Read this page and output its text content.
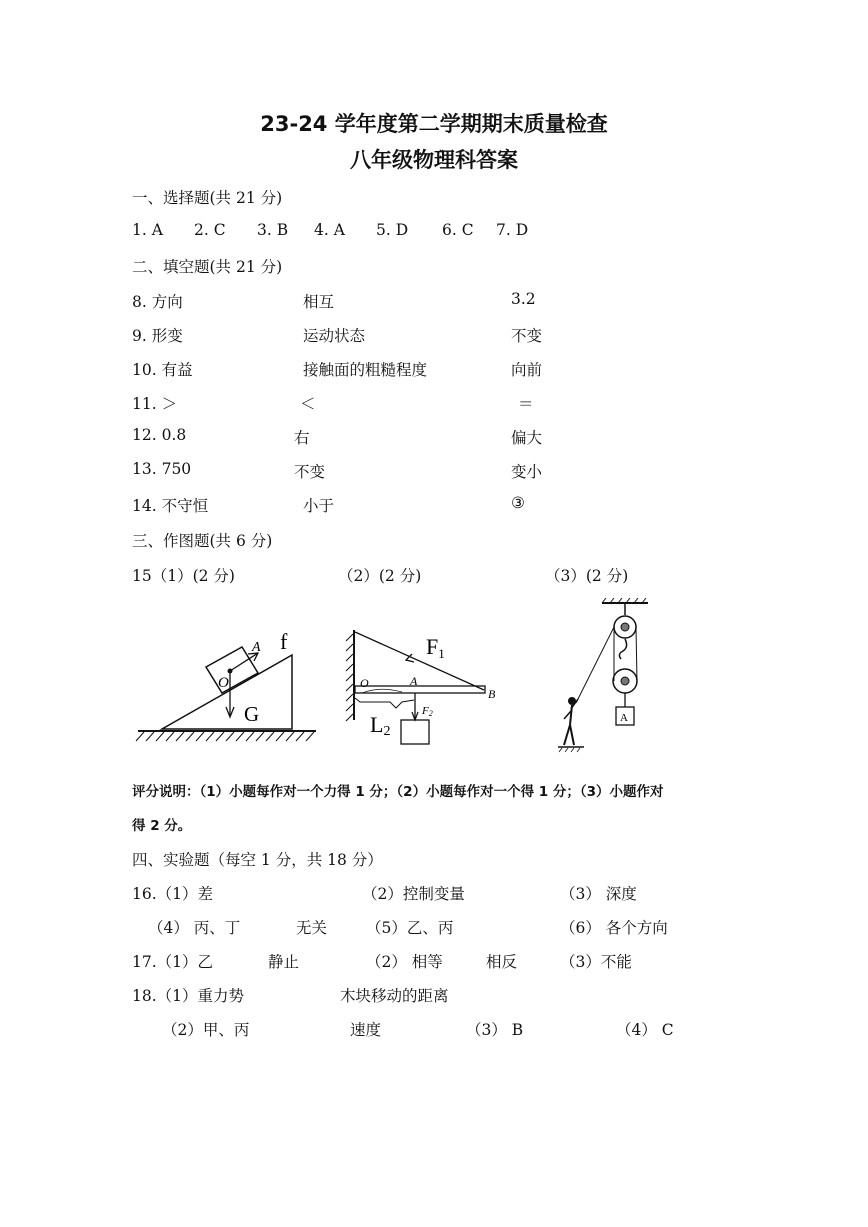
23-24 学年度第二学期期末质量检查
八年级物理科答案
一、选择题(共 21 分)
1. A 2. C 3. B 4. A 5. D 6. C 7. D
二、填空题(共 21 分)
8. 方向	相互	3.2
9. 形变	运动状态	不变
10. 有益	接触面的粗糙程度	向前
11. ＞	＜	＝
12. 0.8	右	偏大
13. 750	不变	变小
14. 不守恒	小于	③
三、作图题(共 6 分)
15（1）(2 分)	（2）(2 分)	（3）(2 分)
f
A
O
G
F1
O	A
B
L2
F2	A
评分说明：（1）小题每作对一个力得 1 分；（2）小题每作对一个得 1 分；（3）小题作对
得 2 分。
四、实验题（每空 1 分，共 18 分）
16.（1）差	（2）控制变量	（3） 深度
（4） 丙、丁	无关	（5）乙、丙	（6） 各个方向
17.（1）乙	静止	（2） 相等	相反	（3）不能
18.（1）重力势	木块移动的距离
（2）甲、丙	速度	（3） B	（4） C
